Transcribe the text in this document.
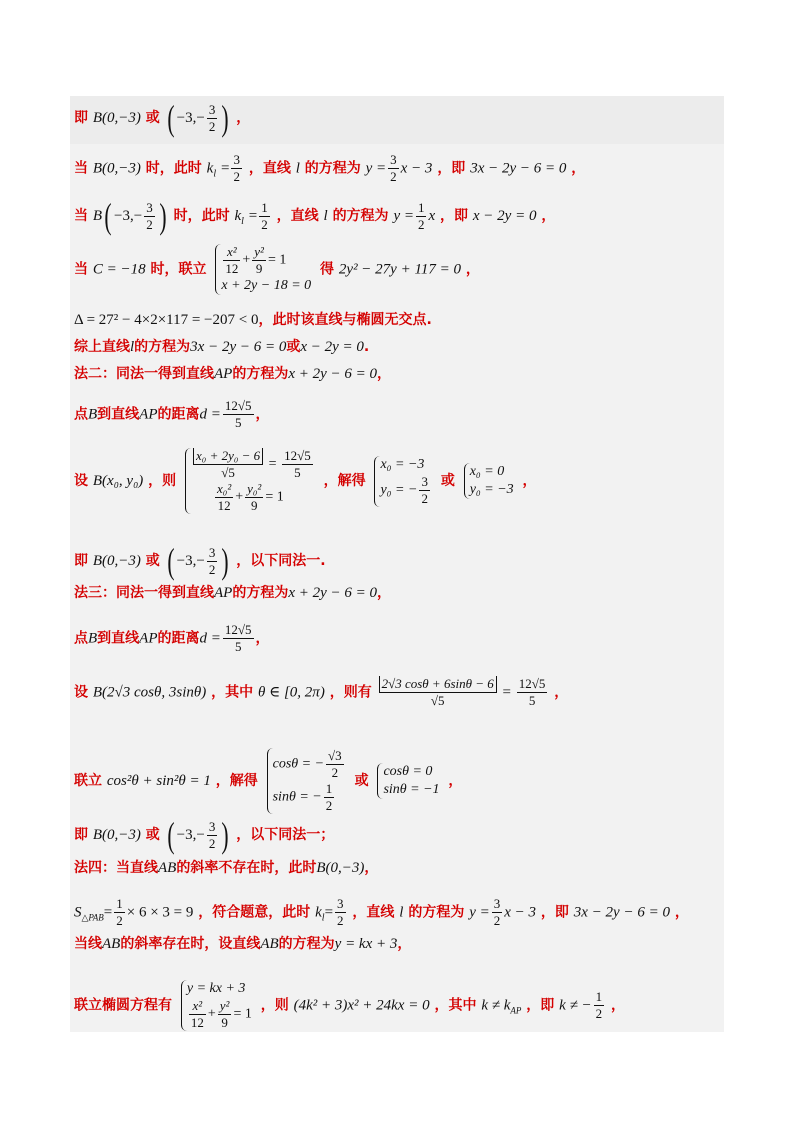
即 B(0,−3) 或 ( $-3,- \frac{3}{2}$ ) ，
当 B(0,−3) 时，此时 $k_l = \frac{3}{2}$ ，直线 l 的方程为 $y = \frac{3}{2}$ x − 3 ，即 3x − 2y − 6 = 0 ，
当 $B( -3,- \frac{3}{2}$ ) 时，此时 $k_l = \frac{1}{2}$ ，直线 l 的方程为 $y = \frac{1}{2}$ x ，即 x − 2y = 0 ，
当 C = −18 时，联立 $\frac{\text{x²}}{12} + \frac{\text{y²}}{9} = 1$
x + 2y − 18 = 0
得 2y² − 27y + 117 = 0 ，
Δ = 27² − 4×2×117 = −207 < 0，此时该直线与椭圆无交点.
综上直线l的方程为3x − 2y − 6 = 0或x − 2y = 0.
法二：同法一得到直线AP的方程为x + 2y − 6 = 0，
点B到直线AP的距离$d = \frac{12√5}{5}$ ，
设 B(x₀, y₀) ，则 $\frac{\text{x₀ + 2y₀ − 6}}{√5} = \frac{12√5}{5}$
$\frac{\text{x₀²}}{12} + \frac{\text{y₀²}}{9} = 1$
，解得
x₀ = −3
y₀ = − $\frac{3}{2}$ 或
x₀ = 0
y₀ = −3
，
即 B(0,−3) 或 ( $-3,- \frac{3}{2}$ ) ，以下同法一.
法三：同法一得到直线AP的方程为x + 2y − 6 = 0，
点B到直线AP的距离$d = \frac{12√5}{5}$ ，
设 B(2√3 cosθ, 3sinθ) ，其中 θ ∈ [0, 2π) ，则有 $\frac{2√3 \cos\theta + 6\sin\theta - 6}{√5} = \frac{12√5}{5}$ ，
联立 cos²θ + sin²θ = 1 ，解得
cosθ = − $\frac{√3}{2}$
sinθ = − $\frac{1}{2}$ 或
cosθ = 0
sinθ = −1
，
即 B(0,−3) 或 ( $-3,- \frac{3}{2}$ ) ，以下同法一；
法四：当直线AB的斜率不存在时，此时B(0,−3)，
$S_{\triangle PAB}= \frac{1}{2} \times 6 \times 3 = 9$ ，符合题意，此时 $k_l= \frac{3}{2}$ ，直线 l 的方程为 $y = \frac{3}{2}$ x − 3 ，即 3x − 2y − 6 = 0 ，
当线AB的斜率存在时，设直线AB的方程为y = kx + 3，
联立椭圆方程有
y = kx + 3
$\frac{\text{x²}}{12} + \frac{\text{y²}}{9} = 1$
，则 (4k² + 3)x² + 24kx = 0 ，其中 $k \ne k_{AP}$ ，即 k ≠ − $\frac{1}{2}$ ，
